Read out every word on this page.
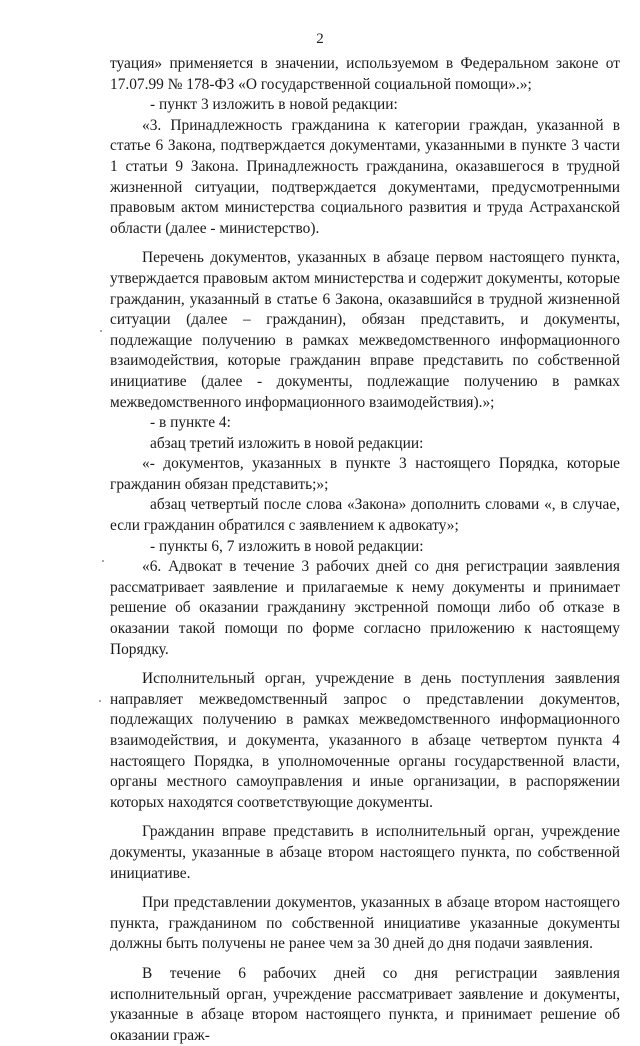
2

туация» применяется в значении, используемом в Федеральном законе от 17.07.99 № 178-ФЗ «О государственной социальной помощи».»;

- пункт 3 изложить в новой редакции:

«3. Принадлежность гражданина к категории граждан, указанной в статье 6 Закона, подтверждается документами, указанными в пункте 3 части 1 статьи 9 Закона. Принадлежность гражданина, оказавшегося в трудной жизненной ситуации, подтверждается документами, предусмотренными правовым актом министерства социального развития и труда Астраханской области (далее - министерство).

Перечень документов, указанных в абзаце первом настоящего пункта, утверждается правовым актом министерства и содержит документы, которые гражданин, указанный в статье 6 Закона, оказавшийся в трудной жизненной ситуации (далее – гражданин), обязан представить, и документы, подлежащие получению в рамках межведомственного информационного взаимодействия, которые гражданин вправе представить по собственной инициативе (далее - документы, подлежащие получению в рамках межведомственного информационного взаимодействия).»;

- в пункте 4:

абзац третий изложить в новой редакции:

«- документов, указанных в пункте 3 настоящего Порядка, которые гражданин обязан представить;»;

абзац четвертый после слова «Закона» дополнить словами «, в случае, если гражданин обратился с заявлением к адвокату»;

- пункты 6, 7 изложить в новой редакции:

«6. Адвокат в течение 3 рабочих дней со дня регистрации заявления рассматривает заявление и прилагаемые к нему документы и принимает решение об оказании гражданину экстренной помощи либо об отказе в оказании такой помощи по форме согласно приложению к настоящему Порядку.

Исполнительный орган, учреждение в день поступления заявления направляет межведомственный запрос о представлении документов, подлежащих получению в рамках межведомственного информационного взаимодействия, и документа, указанного в абзаце четвертом пункта 4 настоящего Порядка, в уполномоченные органы государственной власти, органы местного самоуправления и иные организации, в распоряжении которых находятся соответствующие документы.

Гражданин вправе представить в исполнительный орган, учреждение документы, указанные в абзаце втором настоящего пункта, по собственной инициативе.

При представлении документов, указанных в абзаце втором настоящего пункта, гражданином по собственной инициативе указанные документы должны быть получены не ранее чем за 30 дней до дня подачи заявления.

В течение 6 рабочих дней со дня регистрации заявления исполнительный орган, учреждение рассматривает заявление и документы, указанные в абзаце втором настоящего пункта, и принимает решение об оказании граж-
